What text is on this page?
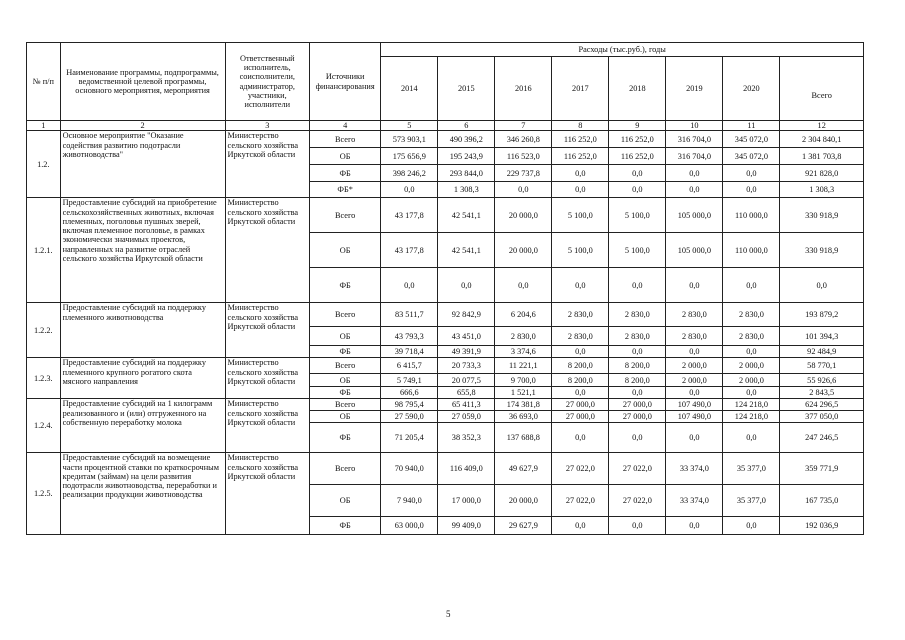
№ п/п	Наименование программы, подпрограммы, ведомственной целевой программы, основного мероприятия, мероприятия	Ответственный исполнитель, соисполнители, администратор, участники, исполнители	Источники финансирования	Расходы (тыс.руб.), годы							
				2014	2015	2016	2017	2018	2019	2020	Всего
1	2	3	4	5	6	7	8	9	10	11	12
1.2.	Основное мероприятие "Оказание содействия развитию подотрасли животноводства"	Министерство сельского хозяйства Иркутской области	Всего	573 903,1	490 396,2	346 260,8	116 252,0	116 252,0	316 704,0	345 072,0	2 304 840,1
			ОБ	175 656,9	195 243,9	116 523,0	116 252,0	116 252,0	316 704,0	345 072,0	1 381 703,8
			ФБ	398 246,2	293 844,0	229 737,8	0,0	0,0	0,0	0,0	921 828,0
			ФБ*	0,0	1 308,3	0,0	0,0	0,0	0,0	0,0	1 308,3
1.2.1.	Предоставление субсидий на приобретение сельскохозяйственных животных, включая племенных, поголовья пушных зверей, включая племенное поголовье, в рамках экономически значимых проектов, направленных на развитие отраслей сельского хозяйства Иркутской области	Министерство сельского хозяйства Иркутской области	Всего	43 177,8	42 541,1	20 000,0	5 100,0	5 100,0	105 000,0	110 000,0	330 918,9
			ОБ	43 177,8	42 541,1	20 000,0	5 100,0	5 100,0	105 000,0	110 000,0	330 918,9
			ФБ	0,0	0,0	0,0	0,0	0,0	0,0	0,0	0,0
1.2.2.	Предоставление субсидий на поддержку племенного животноводства	Министерство сельского хозяйства Иркутской области	Всего	83 511,7	92 842,9	6 204,6	2 830,0	2 830,0	2 830,0	2 830,0	193 879,2
			ОБ	43 793,3	43 451,0	2 830,0	2 830,0	2 830,0	2 830,0	2 830,0	101 394,3
			ФБ	39 718,4	49 391,9	3 374,6	0,0	0,0	0,0	0,0	92 484,9
1.2.3.	Предоставление субсидий на поддержку племенного крупного рогатого скота мясного направления	Министерство сельского хозяйства Иркутской области	Всего	6 415,7	20 733,3	11 221,1	8 200,0	8 200,0	2 000,0	2 000,0	58 770,1
			ОБ	5 749,1	20 077,5	9 700,0	8 200,0	8 200,0	2 000,0	2 000,0	55 926,6
			ФБ	666,6	655,8	1 521,1	0,0	0,0	0,0	0,0	2 843,5
1.2.4.	Предоставление субсидий на 1 килограмм реализованного и (или) отгруженного на собственную переработку молока	Министерство сельского хозяйства Иркутской области	Всего	98 795,4	65 411,3	174 381,8	27 000,0	27 000,0	107 490,0	124 218,0	624 296,5
			ОБ	27 590,0	27 059,0	36 693,0	27 000,0	27 000,0	107 490,0	124 218,0	377 050,0
			ФБ	71 205,4	38 352,3	137 688,8	0,0	0,0	0,0	0,0	247 246,5
1.2.5.	Предоставление субсидий на возмещение части процентной ставки по краткосрочным кредитам (займам) на цели развития подотрасли животноводства, переработки и реализации продукции животноводства	Министерство сельского хозяйства Иркутской области	Всего	70 940,0	116 409,0	49 627,9	27 022,0	27 022,0	33 374,0	35 377,0	359 771,9
			ОБ	7 940,0	17 000,0	20 000,0	27 022,0	27 022,0	33 374,0	35 377,0	167 735,0
			ФБ	63 000,0	99 409,0	29 627,9	0,0	0,0	0,0	0,0	192 036,9
5
